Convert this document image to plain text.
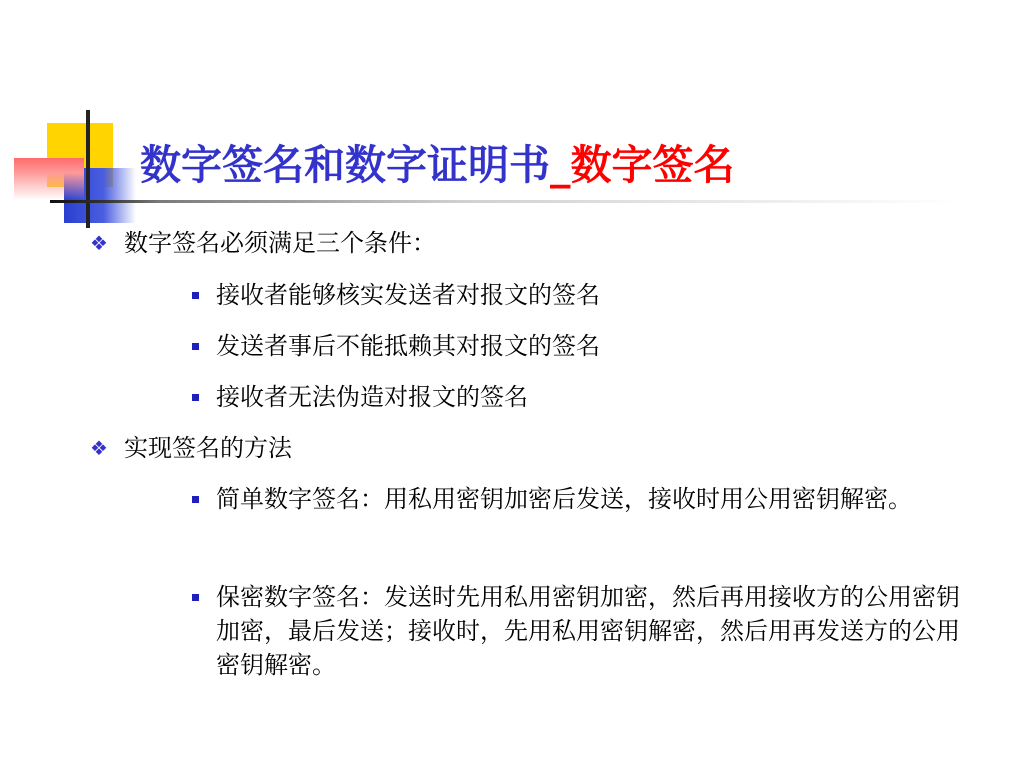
数字签名和数字证明书_数字签名
❖ 数字签名必须满足三个条件：
接收者能够核实发送者对报文的签名
发送者事后不能抵赖其对报文的签名
接收者无法伪造对报文的签名
❖ 实现签名的方法
简单数字签名：用私用密钥加密后发送，接收时用公用密钥解密。
保密数字签名：发送时先用私用密钥加密，然后再用接收方的公用密钥加密，最后发送；接收时，先用私用密钥解密，然后用再发送方的公用密钥解密。
